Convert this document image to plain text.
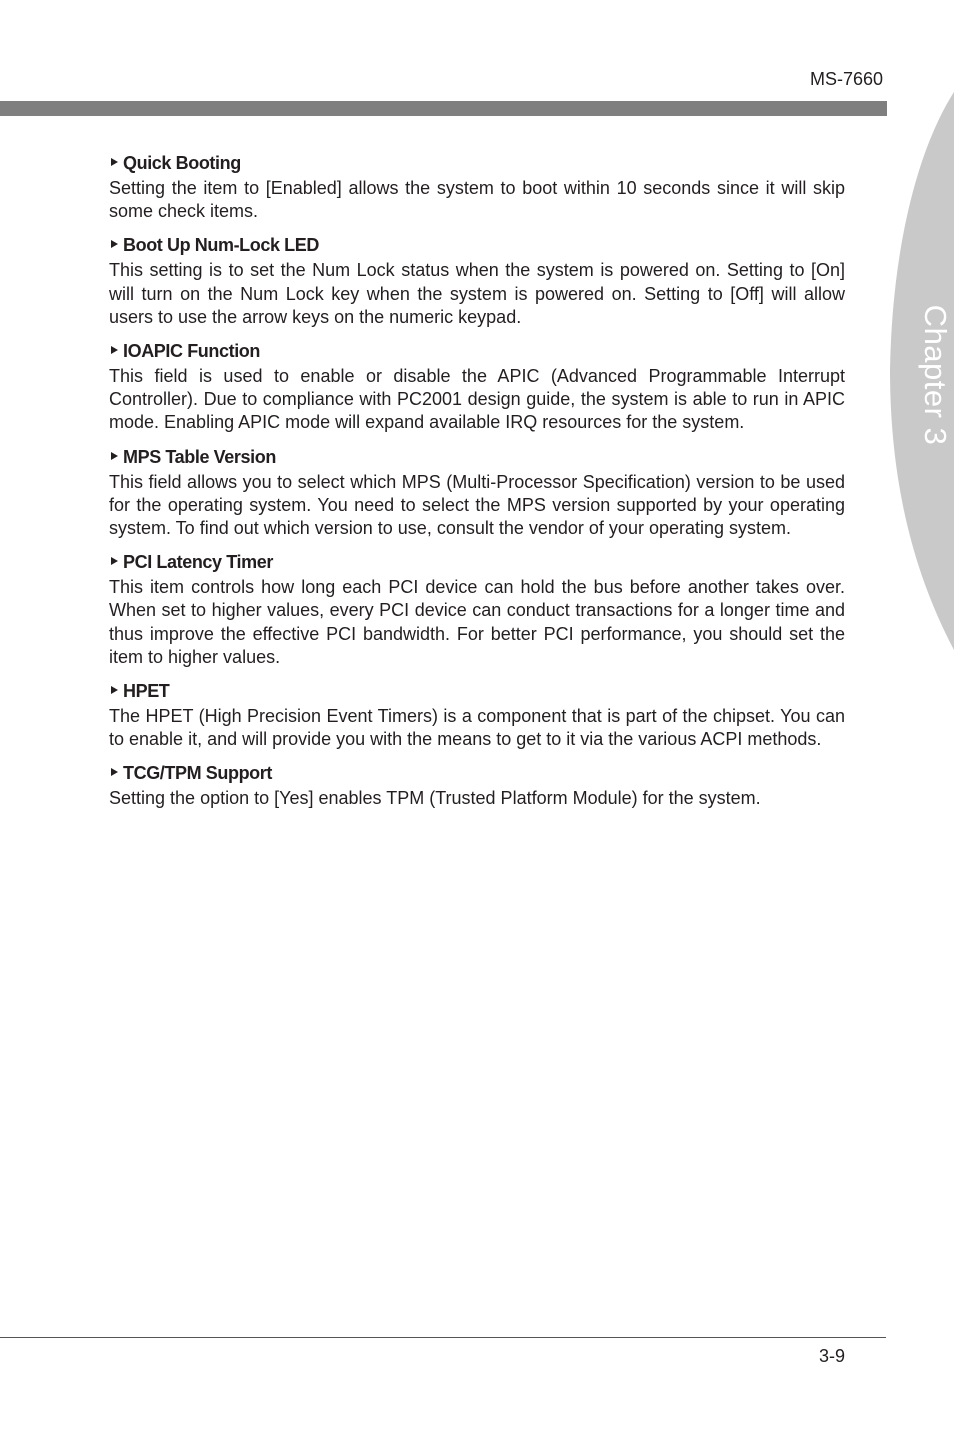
MS-7660
Chapter 3
Quick Booting

Setting the item to [Enabled] allows the system to boot within 10 seconds since it will skip some check items.

Boot Up Num-Lock LED

This setting is to set the Num Lock status when the system is powered on. Setting to [On] will turn on the Num Lock key when the system is powered on. Setting to [Off] will allow users to use the arrow keys on the numeric keypad.

IOAPIC Function

This field is used to enable or disable the APIC (Advanced Programmable Interrupt Controller). Due to compliance with PC2001 design guide, the system is able to run in APIC mode. Enabling APIC mode will expand available IRQ resources for the system.

MPS Table Version

This field allows you to select which MPS (Multi-Processor Specification) version to be used for the operating system. You need to select the MPS version supported by your operating system. To find out which version to use, consult the vendor of your operating system.

PCI Latency Timer

This item controls how long each PCI device can hold the bus before another takes over. When set to higher values, every PCI device can conduct transactions for a longer time and thus improve the effective PCI bandwidth. For better PCI performance, you should set the item to higher values.

HPET

The HPET (High Precision Event Timers) is a component that is part of the chipset. You can to enable it, and will provide you with the means to get to it via the various ACPI methods.

TCG/TPM Support

Setting the option to [Yes] enables TPM (Trusted Platform Module) for the system.

3-9
